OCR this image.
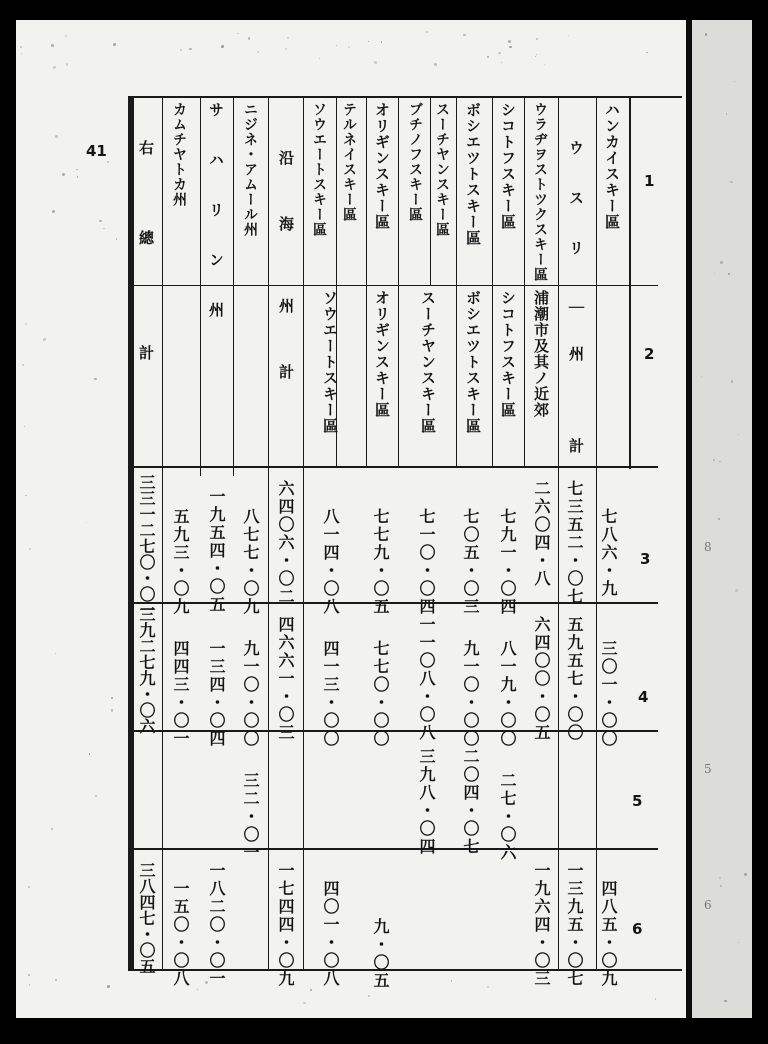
41
8
5
6
1
2
3
4
5
6
ハンカイスキー區
ウ　ス　リ
ウラヂヲストツクスキー區
シコトフスキー區
ボシエツトスキー區
スーチヤンスキー區
ブチノフスキー區
オリギンスキー區
テルネイスキー區
ソウエートスキー區
沿　海
ニジネ・アムール州
サ　ハ　リ　ン　州
カムチヤトカ州
右
總
｜　州
計
浦潮市及其ノ近郊
シコトフスキー區
ボシエツトスキー區
スーチヤンスキー區
オリギンスキー區
ソウエートスキー區
州
計
計
七八六・九
七三五二・〇七
二六〇四・八
七九一・〇四
七〇五・〇三
七一〇・〇四
七七九・〇五
八一四・〇八
六四〇六・〇二
八七七・〇九
一九五四・〇五
五九三・〇九
三三一二七〇・〇一
三〇一・〇〇
五九五七・〇〇
六四〇〇・〇五
八一九・〇〇
九一〇・〇〇
一一〇八・〇八
七七〇・〇〇
四一三・〇〇
四六六一・〇三
九一〇・〇〇
一三四・〇四
四四三・〇一
三九二七九・〇六
二七・〇六
二〇四・〇七
三九八・〇四
三二・〇一
四八五・〇九
一三九五・〇七
一九六四・〇三
九・〇五
四〇一・〇八
一七四四・〇九
一八二〇・〇一
一五〇・〇八
三八四七・〇五
